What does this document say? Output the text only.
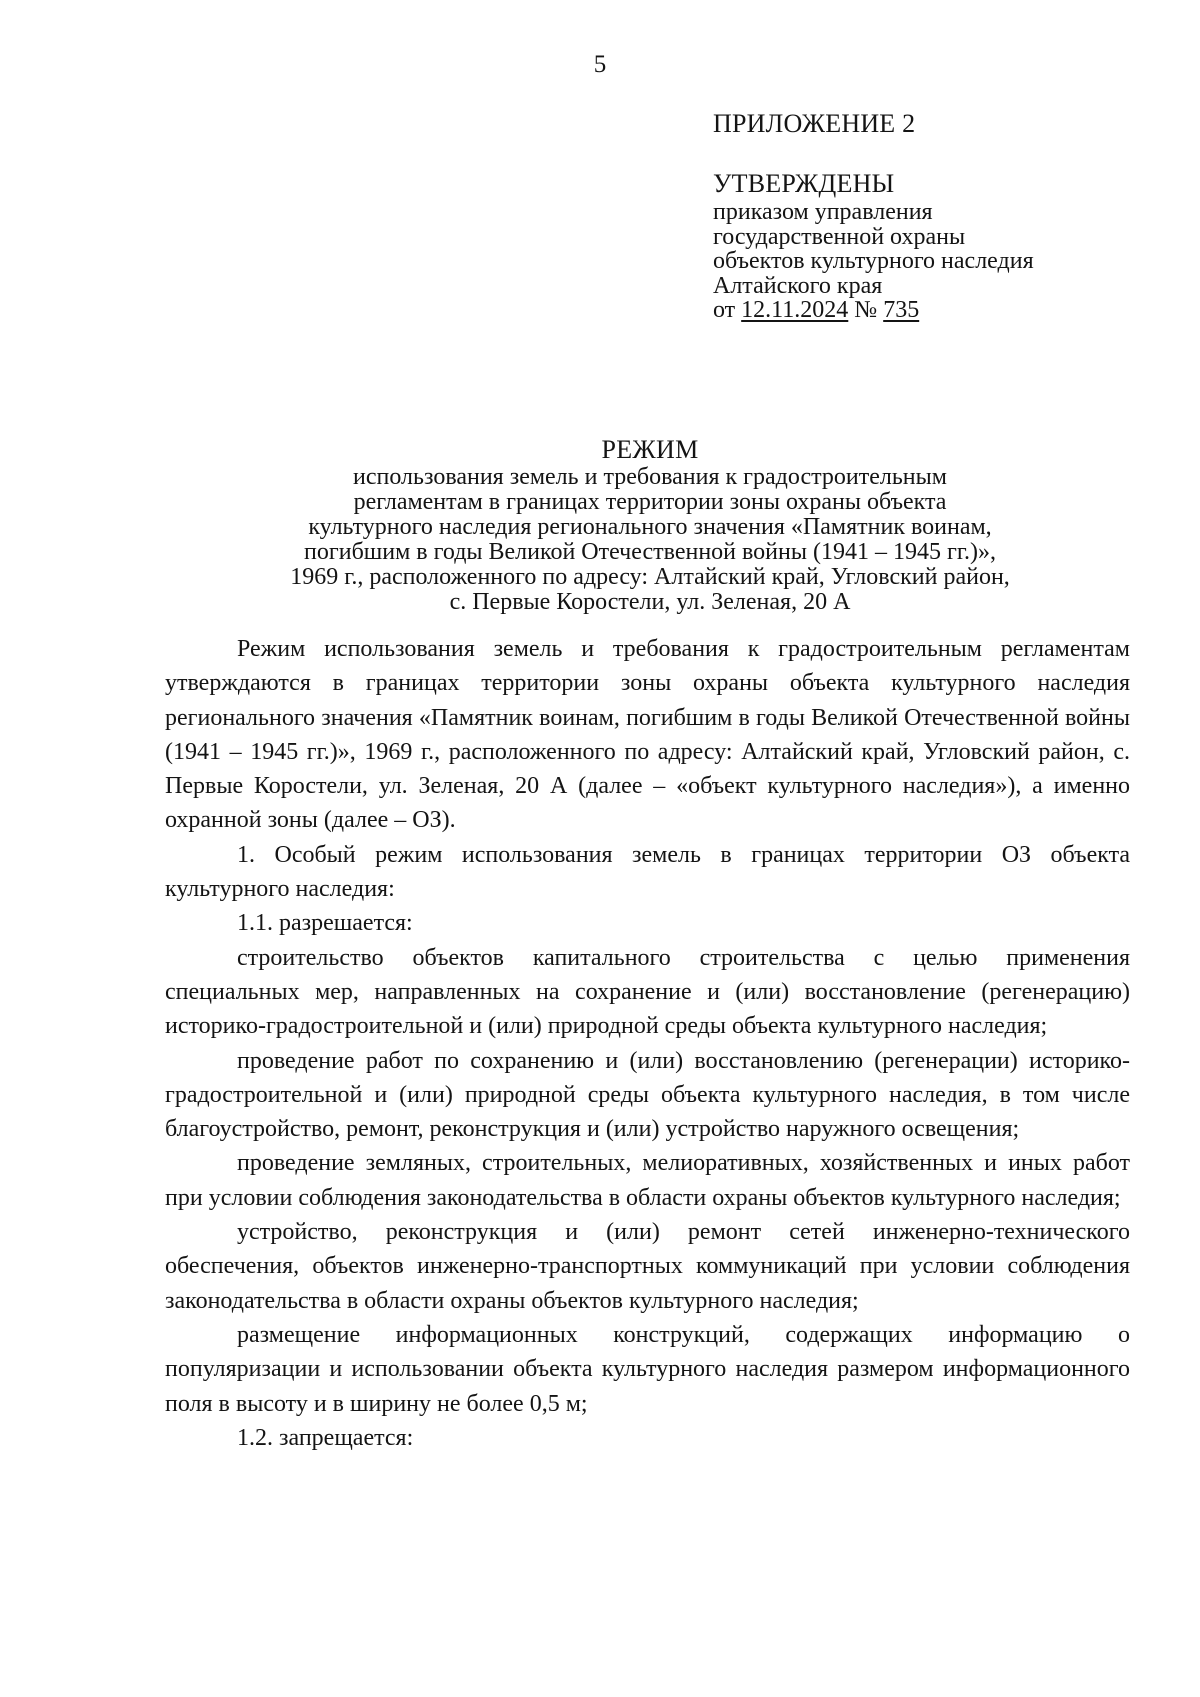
5
ПРИЛОЖЕНИЕ 2
УТВЕРЖДЕНЫ
приказом управления
государственной охраны
объектов культурного наследия
Алтайского края
от 12.11.2024 № 735
РЕЖИМ
использования земель и требования к градостроительным
регламентам в границах территории зоны охраны объекта
культурного наследия регионального значения «Памятник воинам,
погибшим в годы Великой Отечественной войны (1941 – 1945 гг.)»,
1969 г., расположенного по адресу: Алтайский край, Угловский район,
с. Первые Коростели, ул. Зеленая, 20 А

Режим использования земель и требования к градостроительным регламентам утверждаются в границах территории зоны охраны объекта культурного наследия регионального значения «Памятник воинам, погибшим в годы Великой Отечественной войны (1941 – 1945 гг.)», 1969 г., расположенного по адресу: Алтайский край, Угловский район, с. Первые Коростели, ул. Зеленая, 20 А (далее – «объект культурного наследия»), а именно охранной зоны (далее – ОЗ).

1. Особый режим использования земель в границах территории ОЗ объекта культурного наследия:

1.1. разрешается:

строительство объектов капитального строительства с целью применения специальных мер, направленных на сохранение и (или) восстановление (регенерацию) историко-градостроительной и (или) природной среды объекта культурного наследия;

проведение работ по сохранению и (или) восстановлению (регенерации) историко-градостроительной и (или) природной среды объекта культурного наследия, в том числе благоустройство, ремонт, реконструкция и (или) устройство наружного освещения;

проведение земляных, строительных, мелиоративных, хозяйственных и иных работ при условии соблюдения законодательства в области охраны объектов культурного наследия;

устройство, реконструкция и (или) ремонт сетей инженерно-технического обеспечения, объектов инженерно-транспортных коммуникаций при условии соблюдения законодательства в области охраны объектов культурного наследия;

размещение информационных конструкций, содержащих информацию о популяризации и использовании объекта культурного наследия размером информационного поля в высоту и в ширину не более 0,5 м;

1.2. запрещается:
